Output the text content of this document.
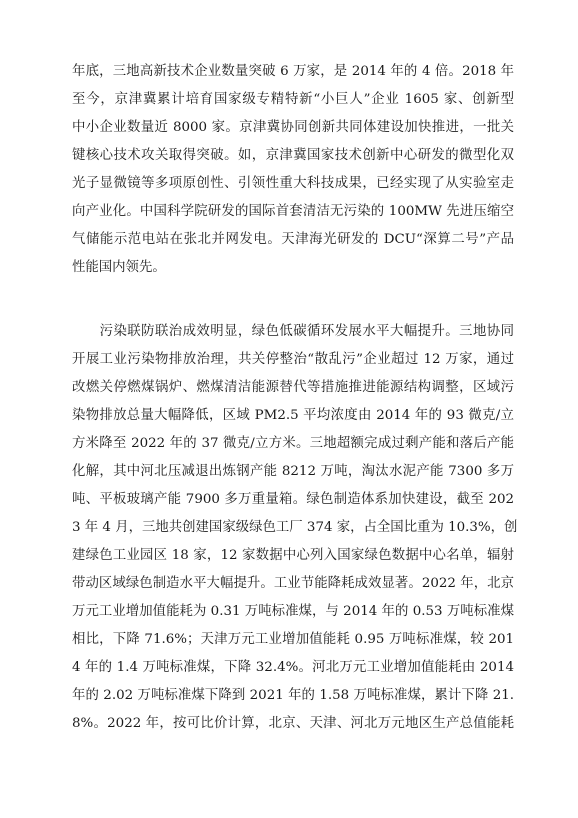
年底，三地高新技术企业数量突破 6 万家，是 2014 年的 4 倍。2018 年
至今，京津冀累计培育国家级专精特新“小巨人”企业 1605 家、创新型
中小企业数量近 8000 家。京津冀协同创新共同体建设加快推进，一批关
键核心技术攻关取得突破。如，京津冀国家技术创新中心研发的微型化双
光子显微镜等多项原创性、引领性重大科技成果，已经实现了从实验室走
向产业化。中国科学院研发的国际首套清洁无污染的 100MW 先进压缩空
气储能示范电站在张北并网发电。天津海光研发的 DCU“深算二号”产品
性能国内领先。
　　污染联防联治成效明显，绿色低碳循环发展水平大幅提升。三地协同
开展工业污染物排放治理，共关停整治“散乱污”企业超过 12 万家，通过
改燃关停燃煤锅炉、燃煤清洁能源替代等措施推进能源结构调整，区域污
染物排放总量大幅降低，区域 PM2.5 平均浓度由 2014 年的 93 微克/立
方米降至 2022 年的 37 微克/立方米。三地超额完成过剩产能和落后产能
化解，其中河北压减退出炼钢产能 8212 万吨，淘汰水泥产能 7300 多万
吨、平板玻璃产能 7900 多万重量箱。绿色制造体系加快建设，截至 202
3 年 4 月，三地共创建国家级绿色工厂 374 家，占全国比重为 10.3%，创
建绿色工业园区 18 家，12 家数据中心列入国家绿色数据中心名单，辐射
带动区域绿色制造水平大幅提升。工业节能降耗成效显著。2022 年，北京
万元工业增加值能耗为 0.31 万吨标准煤，与 2014 年的 0.53 万吨标准煤
相比，下降 71.6%；天津万元工业增加值能耗 0.95 万吨标准煤，较 201
4 年的 1.4 万吨标准煤，下降 32.4%。河北万元工业增加值能耗由 2014
年的 2.02 万吨标准煤下降到 2021 年的 1.58 万吨标准煤，累计下降 21.
8%。2022 年，按可比价计算，北京、天津、河北万元地区生产总值能耗
